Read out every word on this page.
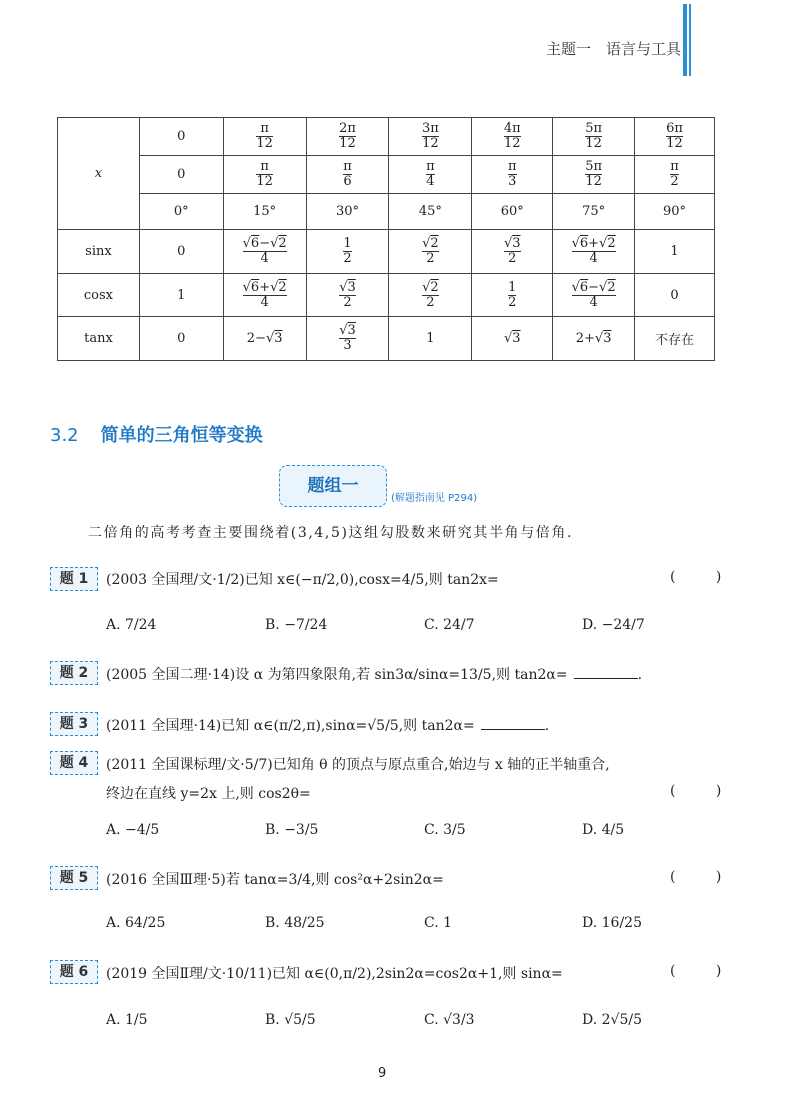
主题一　语言与工具
x	0	$\frac{\pi}{12}$	$\frac{2\pi}{12}$	$\frac{3\pi}{12}$	$\frac{4\pi}{12}$	$\frac{5\pi}{12}$	$\frac{6\pi}{12}$

	0	$\frac{\pi}{12}$	$\frac{\pi}{6}$	$\frac{\pi}{4}$	$\frac{\pi}{3}$	$\frac{5\pi}{12}$	$\frac{\pi}{2}$

	0°	15°	30°	45°	60°	75°	90°
sinx	0	$\frac{√6-√2}{4}$	$\frac{1}{2}$	$\frac{√2}{2}$	$\frac{√3}{2}$	$\frac{√6+√2}{4}$	1
cosx	1	$\frac{√6+√2}{4}$	$\frac{√3}{2}$	$\frac{√2}{2}$	$\frac{1}{2}$	$\frac{√6-√2}{4}$	0
tanx	0	2−√3	$\frac{√3}{3}$	1	√3	2+√3	不存在
3.2 简单的三角恒等变换
题组一
(解题指南见 P294)
二倍角的高考考查主要围绕着(3,4,5)这组勾股数来研究其半角与倍角.
题 1	(2003 全国理/文·1/2)已知 x∈(−π/2,0),cosx=4/5,则 tan2x=	( )
A. 7/24	B. −7/24	C. 24/7	D. −24/7
题 2	(2005 全国二理·14)设 α 为第四象限角,若 sin3α/sinα=13/5,则 tan2α=	.
题 3	(2011 全国理·14)已知 α∈(π/2,π),sinα=√5/5,则 tan2α=	.
题 4	(2011 全国课标理/文·5/7)已知角 θ 的顶点与原点重合,始边与 x 轴的正半轴重合,
终边在直线 y=2x 上,则 cos2θ=	( )
A. −4/5	B. −3/5	C. 3/5	D. 4/5
题 5	(2016 全国Ⅲ理·5)若 tanα=3/4,则 cos²α+2sin2α=	( )
A. 64/25	B. 48/25	C. 1	D. 16/25
题 6	(2019 全国Ⅱ理/文·10/11)已知 α∈(0,π/2),2sin2α=cos2α+1,则 sinα=	( )
A. 1/5	B. √5/5	C. √3/3	D. 2√5/5
9
